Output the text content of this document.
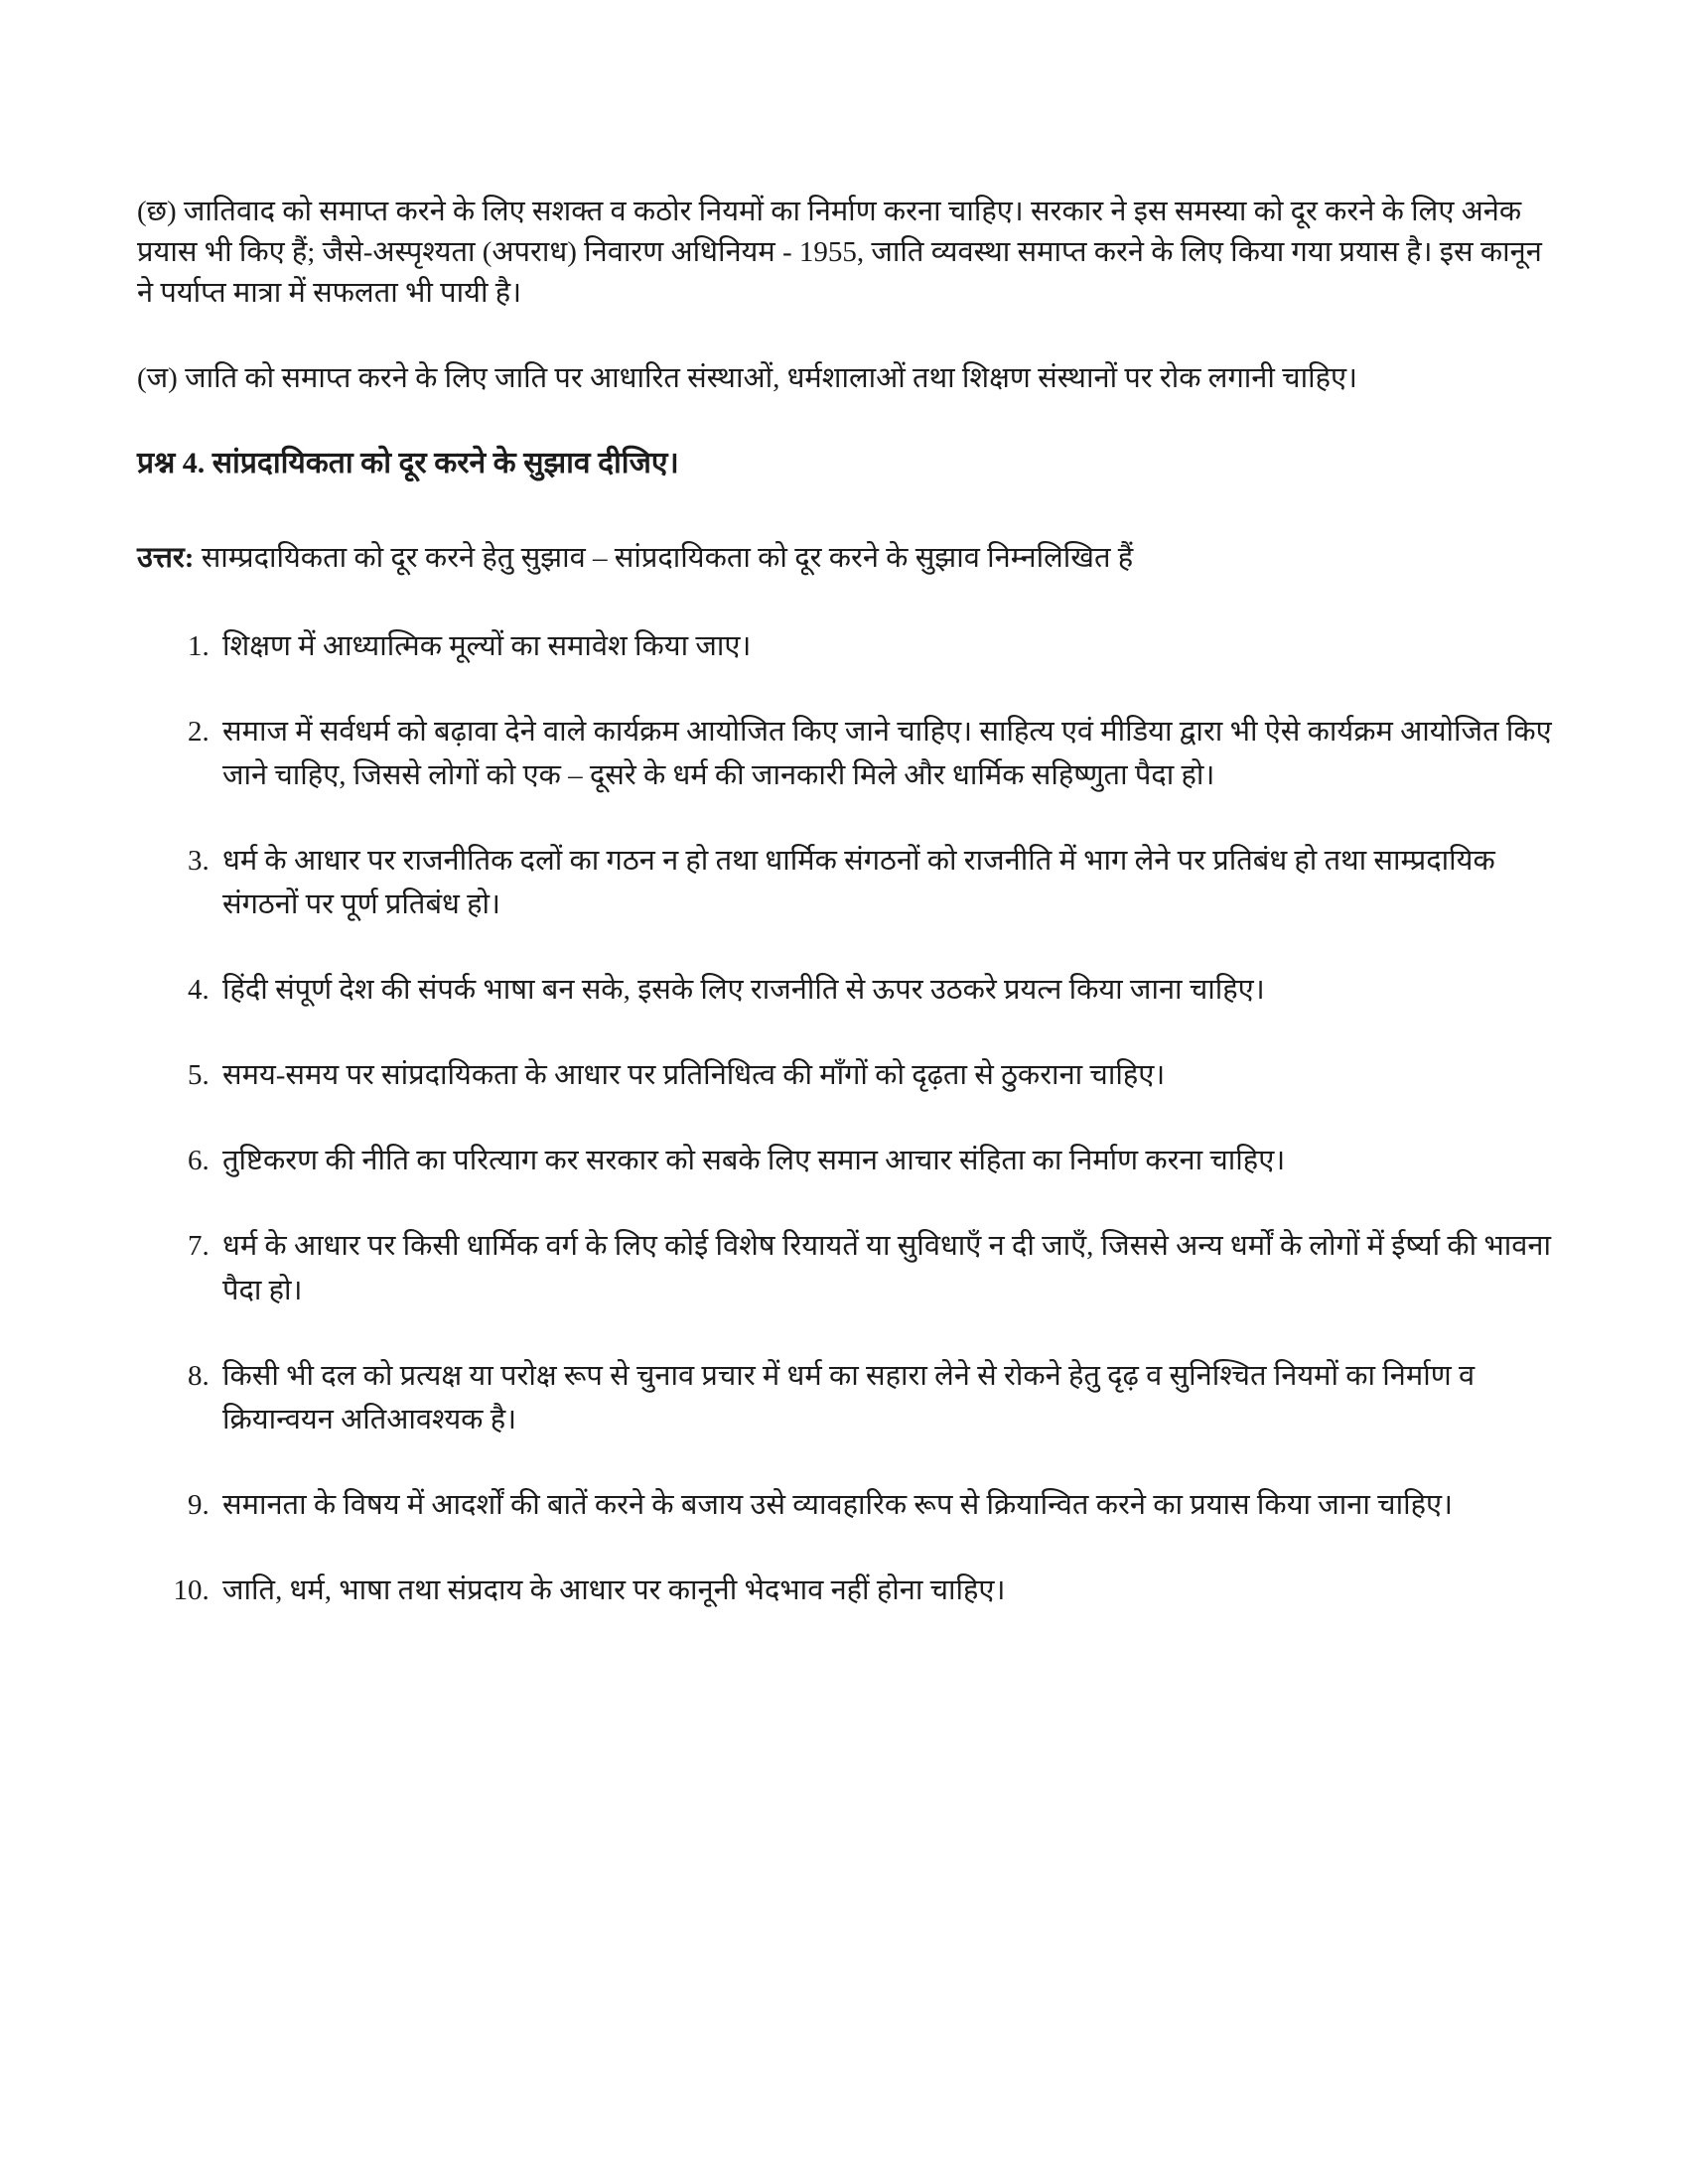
(छ) जातिवाद को समाप्त करने के लिए सशक्त व कठोर नियमों का निर्माण करना चाहिए। सरकार ने इस समस्या को दूर करने के लिए अनेक प्रयास भी किए हैं; जैसे-अस्पृश्यता (अपराध) निवारण अधिनियम - 1955, जाति व्यवस्था समाप्त करने के लिए किया गया प्रयास है। इस कानून ने पर्याप्त मात्रा में सफलता भी पायी है।

(ज) जाति को समाप्त करने के लिए जाति पर आधारित संस्थाओं, धर्मशालाओं तथा शिक्षण संस्थानों पर रोक लगानी चाहिए।

प्रश्न 4. सांप्रदायिकता को दूर करने के सुझाव दीजिए।

उत्तर: साम्प्रदायिकता को दूर करने हेतु सुझाव – सांप्रदायिकता को दूर करने के सुझाव निम्नलिखित हैं

1. शिक्षण में आध्यात्मिक मूल्यों का समावेश किया जाए।
2. समाज में सर्वधर्म को बढ़ावा देने वाले कार्यक्रम आयोजित किए जाने चाहिए। साहित्य एवं मीडिया द्वारा भी ऐसे कार्यक्रम आयोजित किए जाने चाहिए, जिससे लोगों को एक – दूसरे के धर्म की जानकारी मिले और धार्मिक सहिष्णुता पैदा हो।
3. धर्म के आधार पर राजनीतिक दलों का गठन न हो तथा धार्मिक संगठनों को राजनीति में भाग लेने पर प्रतिबंध हो तथा साम्प्रदायिक संगठनों पर पूर्ण प्रतिबंध हो।
4. हिंदी संपूर्ण देश की संपर्क भाषा बन सके, इसके लिए राजनीति से ऊपर उठकरे प्रयत्न किया जाना चाहिए।
5. समय-समय पर सांप्रदायिकता के आधार पर प्रतिनिधित्व की माँगों को दृढ़ता से ठुकराना चाहिए।
6. तुष्टिकरण की नीति का परित्याग कर सरकार को सबके लिए समान आचार संहिता का निर्माण करना चाहिए।
7. धर्म के आधार पर किसी धार्मिक वर्ग के लिए कोई विशेष रियायतें या सुविधाएँ न दी जाएँ, जिससे अन्य धर्मों के लोगों में ईर्ष्या की भावना पैदा हो।
8. किसी भी दल को प्रत्यक्ष या परोक्ष रूप से चुनाव प्रचार में धर्म का सहारा लेने से रोकने हेतु दृढ़ व सुनिश्चित नियमों का निर्माण व क्रियान्वयन अतिआवश्यक है।
9. समानता के विषय में आदर्शों की बातें करने के बजाय उसे व्यावहारिक रूप से क्रियान्वित करने का प्रयास किया जाना चाहिए।
10. जाति, धर्म, भाषा तथा संप्रदाय के आधार पर कानूनी भेदभाव नहीं होना चाहिए।
